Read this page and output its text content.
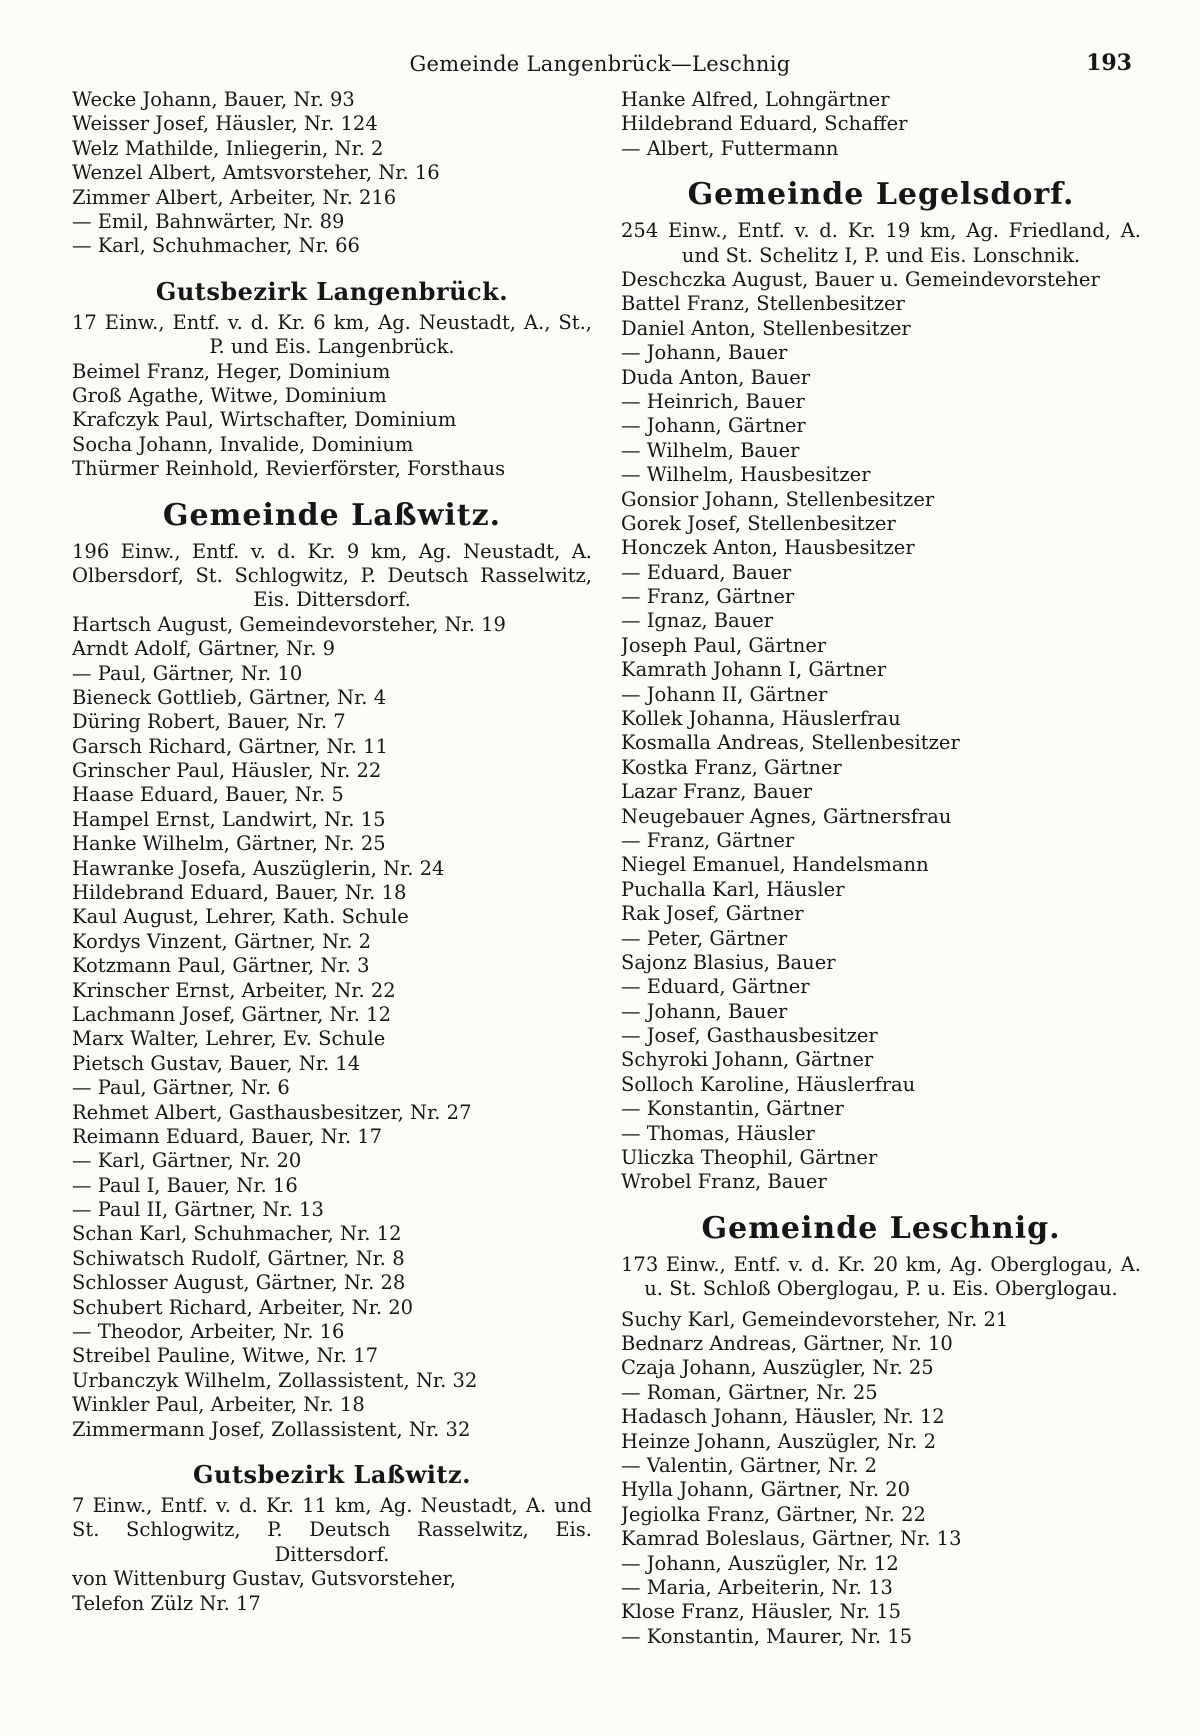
Gemeinde Langenbrück—Leschnig	193
Wecke Johann, Bauer, Nr. 93
Weisser Josef, Häusler, Nr. 124
Welz Mathilde, Inliegerin, Nr. 2
Wenzel Albert, Amtsvorsteher, Nr. 16
Zimmer Albert, Arbeiter, Nr. 216
— Emil, Bahnwärter, Nr. 89
— Karl, Schuhmacher, Nr. 66
Gutsbezirk Langenbrück.

17 Einw., Entf. v. d. Kr. 6 km, Ag. Neustadt, A., St., P. und Eis. Langenbrück.

Beimel Franz, Heger, Dominium
Groß Agathe, Witwe, Dominium
Krafczyk Paul, Wirtschafter, Dominium
Socha Johann, Invalide, Dominium
Thürmer Reinhold, Revierförster, Forsthaus
Gemeinde Laßwitz.

196 Einw., Entf. v. d. Kr. 9 km, Ag. Neustadt, A. Olbersdorf, St. Schlogwitz, P. Deutsch Rasselwitz, Eis. Dittersdorf.

Hartsch August, Gemeindevorsteher, Nr. 19
Arndt Adolf, Gärtner, Nr. 9
— Paul, Gärtner, Nr. 10
Bieneck Gottlieb, Gärtner, Nr. 4
Düring Robert, Bauer, Nr. 7
Garsch Richard, Gärtner, Nr. 11
Grinscher Paul, Häusler, Nr. 22
Haase Eduard, Bauer, Nr. 5
Hampel Ernst, Landwirt, Nr. 15
Hanke Wilhelm, Gärtner, Nr. 25
Hawranke Josefa, Auszüglerin, Nr. 24
Hildebrand Eduard, Bauer, Nr. 18
Kaul August, Lehrer, Kath. Schule
Kordys Vinzent, Gärtner, Nr. 2
Kotzmann Paul, Gärtner, Nr. 3
Krinscher Ernst, Arbeiter, Nr. 22
Lachmann Josef, Gärtner, Nr. 12
Marx Walter, Lehrer, Ev. Schule
Pietsch Gustav, Bauer, Nr. 14
— Paul, Gärtner, Nr. 6
Rehmet Albert, Gasthausbesitzer, Nr. 27
Reimann Eduard, Bauer, Nr. 17
— Karl, Gärtner, Nr. 20
— Paul I, Bauer, Nr. 16
— Paul II, Gärtner, Nr. 13
Schan Karl, Schuhmacher, Nr. 12
Schiwatsch Rudolf, Gärtner, Nr. 8
Schlosser August, Gärtner, Nr. 28
Schubert Richard, Arbeiter, Nr. 20
— Theodor, Arbeiter, Nr. 16
Streibel Pauline, Witwe, Nr. 17
Urbanczyk Wilhelm, Zollassistent, Nr. 32
Winkler Paul, Arbeiter, Nr. 18
Zimmermann Josef, Zollassistent, Nr. 32
Gutsbezirk Laßwitz.

7 Einw., Entf. v. d. Kr. 11 km, Ag. Neustadt, A. und St. Schlogwitz, P. Deutsch Rasselwitz, Eis. Dittersdorf.

von Wittenburg Gustav, Gutsvorsteher,
Telefon Zülz Nr. 17
Hanke Alfred, Lohngärtner
Hildebrand Eduard, Schaffer
— Albert, Futtermann
Gemeinde Legelsdorf.

254 Einw., Entf. v. d. Kr. 19 km, Ag. Friedland, A. und St. Schelitz I, P. und Eis. Lonschnik.

Deschczka August, Bauer u. Gemeindevorsteher
Battel Franz, Stellenbesitzer
Daniel Anton, Stellenbesitzer
— Johann, Bauer
Duda Anton, Bauer
— Heinrich, Bauer
— Johann, Gärtner
— Wilhelm, Bauer
— Wilhelm, Hausbesitzer
Gonsior Johann, Stellenbesitzer
Gorek Josef, Stellenbesitzer
Honczek Anton, Hausbesitzer
— Eduard, Bauer
— Franz, Gärtner
— Ignaz, Bauer
Joseph Paul, Gärtner
Kamrath Johann I, Gärtner
— Johann II, Gärtner
Kollek Johanna, Häuslerfrau
Kosmalla Andreas, Stellenbesitzer
Kostka Franz, Gärtner
Lazar Franz, Bauer
Neugebauer Agnes, Gärtnersfrau
— Franz, Gärtner
Niegel Emanuel, Handelsmann
Puchalla Karl, Häusler
Rak Josef, Gärtner
— Peter, Gärtner
Sajonz Blasius, Bauer
— Eduard, Gärtner
— Johann, Bauer
— Josef, Gasthausbesitzer
Schyroki Johann, Gärtner
Solloch Karoline, Häuslerfrau
— Konstantin, Gärtner
— Thomas, Häusler
Uliczka Theophil, Gärtner
Wrobel Franz, Bauer
Gemeinde Leschnig.

173 Einw., Entf. v. d. Kr. 20 km, Ag. Oberglogau, A. u. St. Schloß Oberglogau, P. u. Eis. Oberglogau.

Suchy Karl, Gemeindevorsteher, Nr. 21
Bednarz Andreas, Gärtner, Nr. 10
Czaja Johann, Auszügler, Nr. 25
— Roman, Gärtner, Nr. 25
Hadasch Johann, Häusler, Nr. 12
Heinze Johann, Auszügler, Nr. 2
— Valentin, Gärtner, Nr. 2
Hylla Johann, Gärtner, Nr. 20
Jegiolka Franz, Gärtner, Nr. 22
Kamrad Boleslaus, Gärtner, Nr. 13
— Johann, Auszügler, Nr. 12
— Maria, Arbeiterin, Nr. 13
Klose Franz, Häusler, Nr. 15
— Konstantin, Maurer, Nr. 15
